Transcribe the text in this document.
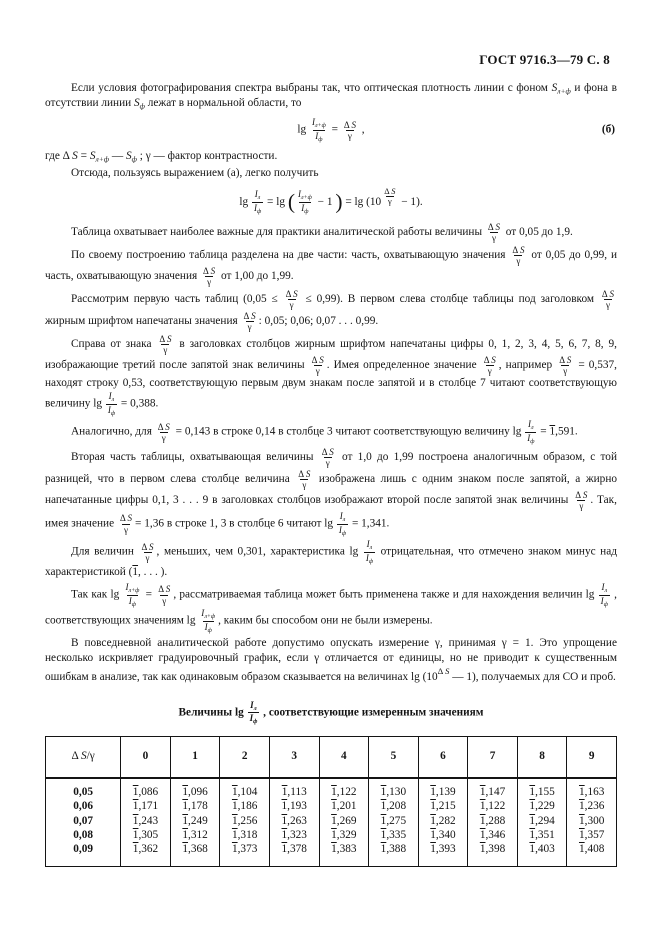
ГОСТ 9716.3—79 С. 8
Если условия фотографирования спектра выбраны так, что оптическая плотность линии с фоном $S_{л+ф}$ и фона в отсутствии линии $S_ф$ лежат в нормальной области, то
$\lg \frac{I_{л+ф}}{I_ф} = \frac{\text{Δ S}}{\gamma}$ ,	(б)
где Δ $S = S_{л+ф}$ — $S_ф$ ; γ — фактор контрастности.
Отсюда, пользуясь выражением (а), легко получить
$\lg \frac{I_л}{I_ф} = \lg$ ( $\frac{I_{л+ф}}{I_ф} - 1$ ) = lg (10 $^{\frac{\text{Δ S}}{\gamma}}$ − 1).
Таблица охватывает наиболее важные для практики аналитической работы величины $\frac{\text{Δ S}}{\gamma}$ от 0,05 до 1,9.
По своему построению таблица разделена на две части: часть, охватывающую значения $\frac{\text{Δ S}}{\gamma}$ от 0,05 до 0,99, и часть, охватывающую значения $\frac{\text{Δ S}}{\gamma}$ от 1,00 до 1,99.
Рассмотрим первую часть таблиц $(0,05 \le \frac{\text{Δ S}}{\gamma} \le 0,99)$. В первом слева столбце таблицы под заголовком $\frac{\text{Δ S}}{\gamma}$
жирным шрифтом напечатаны значения $\frac{\text{Δ S}}{\gamma}$ : 0,05; 0,06; 0,07 . . . 0,99.
Справа от знака $\frac{\text{Δ S}}{\gamma}$ в заголовках столбцов жирным шрифтом напечатаны цифры 0, 1, 2, 3, 4, 5, 6, 7, 8, 9, изображающие третий после запятой знак величины $\frac{\text{Δ S}}{\gamma}$ . Имея определенное значение $\frac{\text{Δ S}}{\gamma}$ , например $\frac{\text{Δ S}}{\gamma} = 0,537$, находят строку 0,53, соответствующую первым двум знакам после запятой и в столбце 7 читают соответствующую величину $\lg \frac{I_л}{I_ф} = 0,388$.
Аналогично, для $\frac{\text{Δ S}}{\gamma} = 0,143$ в строке 0,14 в столбце 3 читают соответствующую величину $\lg \frac{I_л}{I_ф} = 1,591$.
Вторая часть таблицы, охватывающая величины $\frac{\text{Δ S}}{\gamma}$ от 1,0 до 1,99 построена аналогичным образом, с той разницей, что в первом слева столбце величина $\frac{\text{Δ S}}{\gamma}$ изображена лишь с одним знаком после запятой, а жирно напечатанные цифры 0,1, 3 . . . 9 в заголовках столбцов изображают второй после запятой знак величины $\frac{\text{Δ S}}{\gamma}$ . Так, имея значение $\frac{\text{Δ S}}{\gamma} = 1,36$ в строке 1, 3 в столбце 6 читают $\lg \frac{I_л}{I_ф} = 1,341$.
Для величин $\frac{\text{Δ S}}{\gamma}$ , меньших, чем 0,301, характеристика $\lg \frac{I_л}{I_ф}$ отрицательная, что отмечено знаком минус над характеристикой (1, . . . ).
Так как $\lg \frac{I_{л+ф}}{I_ф} = \frac{\text{Δ S}}{\gamma}$ , рассматриваемая таблица может быть применена также и для нахождения величин $\lg \frac{I_л}{I_ф}$ , соответствующих значениям $\lg \frac{I_{л+ф}}{I_ф}$ , каким бы способом они не были измерены.
В повседневной аналитической работе допустимо опускать измерение γ, принимая γ = 1. Это упрощение несколько искривляет градуировочный график, если γ отличается от единицы, но не приводит к существенным ошибкам в анализе, так как одинаковым образом сказывается на величинах $\lg (10^{\Delta S}$ — 1), получаемых для СО и проб.
Величины $\lg \frac{I_л}{I_ф}$ , соответствующие измеренным значениям
Δ S/γ	0	1	2	3	4	5	6	7	8	9
0,05	1,086	1,096	1,104	1,113	1,122	1,130	1,139	1,147	1,155	1,163
0,06	1,171	1,178	1,186	1,193	1,201	1,208	1,215	1,122	1,229	1,236
0,07	1,243	1,249	1,256	1,263	1,269	1,275	1,282	1,288	1,294	1,300
0,08	1,305	1,312	1,318	1,323	1,329	1,335	1,340	1,346	1,351	1,357
0,09	1,362	1,368	1,373	1,378	1,383	1,388	1,393	1,398	1,403	1,408
